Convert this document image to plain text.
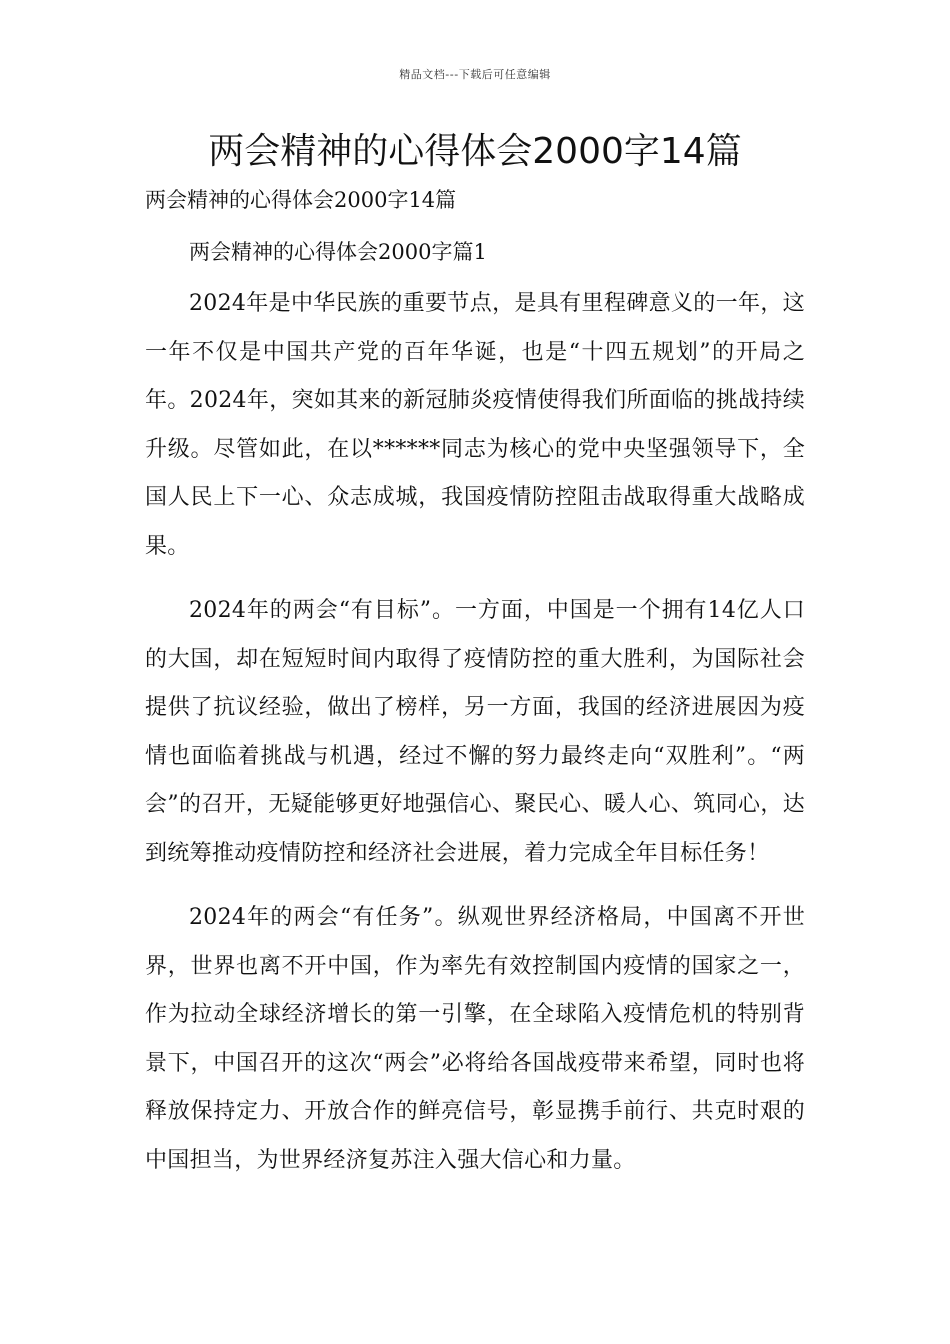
精品文档---下载后可任意编辑
两会精神的心得体会2000字14篇

两会精神的心得体会2000字14篇

两会精神的心得体会2000字篇1

2024年是中华民族的重要节点，是具有里程碑意义的一年，这一年不仅是中国共产党的百年华诞，也是“十四五规划”的开局之年。2024年，突如其来的新冠肺炎疫情使得我们所面临的挑战持续升级。尽管如此，在以******同志为核心的党中央坚强领导下，全国人民上下一心、众志成城，我国疫情防控阻击战取得重大战略成果。

2024年的两会“有目标”。一方面，中国是一个拥有14亿人口的大国，却在短短时间内取得了疫情防控的重大胜利，为国际社会提供了抗议经验，做出了榜样，另一方面，我国的经济进展因为疫情也面临着挑战与机遇，经过不懈的努力最终走向“双胜利”。“两会”的召开，无疑能够更好地强信心、聚民心、暖人心、筑同心，达到统筹推动疫情防控和经济社会进展，着力完成全年目标任务！

2024年的两会“有任务”。纵观世界经济格局，中国离不开世界，世界也离不开中国，作为率先有效控制国内疫情的国家之一，作为拉动全球经济增长的第一引擎，在全球陷入疫情危机的特别背景下，中国召开的这次“两会”必将给各国战疫带来希望，同时也将释放保持定力、开放合作的鲜亮信号，彰显携手前行、共克时艰的中国担当，为世界经济复苏注入强大信心和力量。
